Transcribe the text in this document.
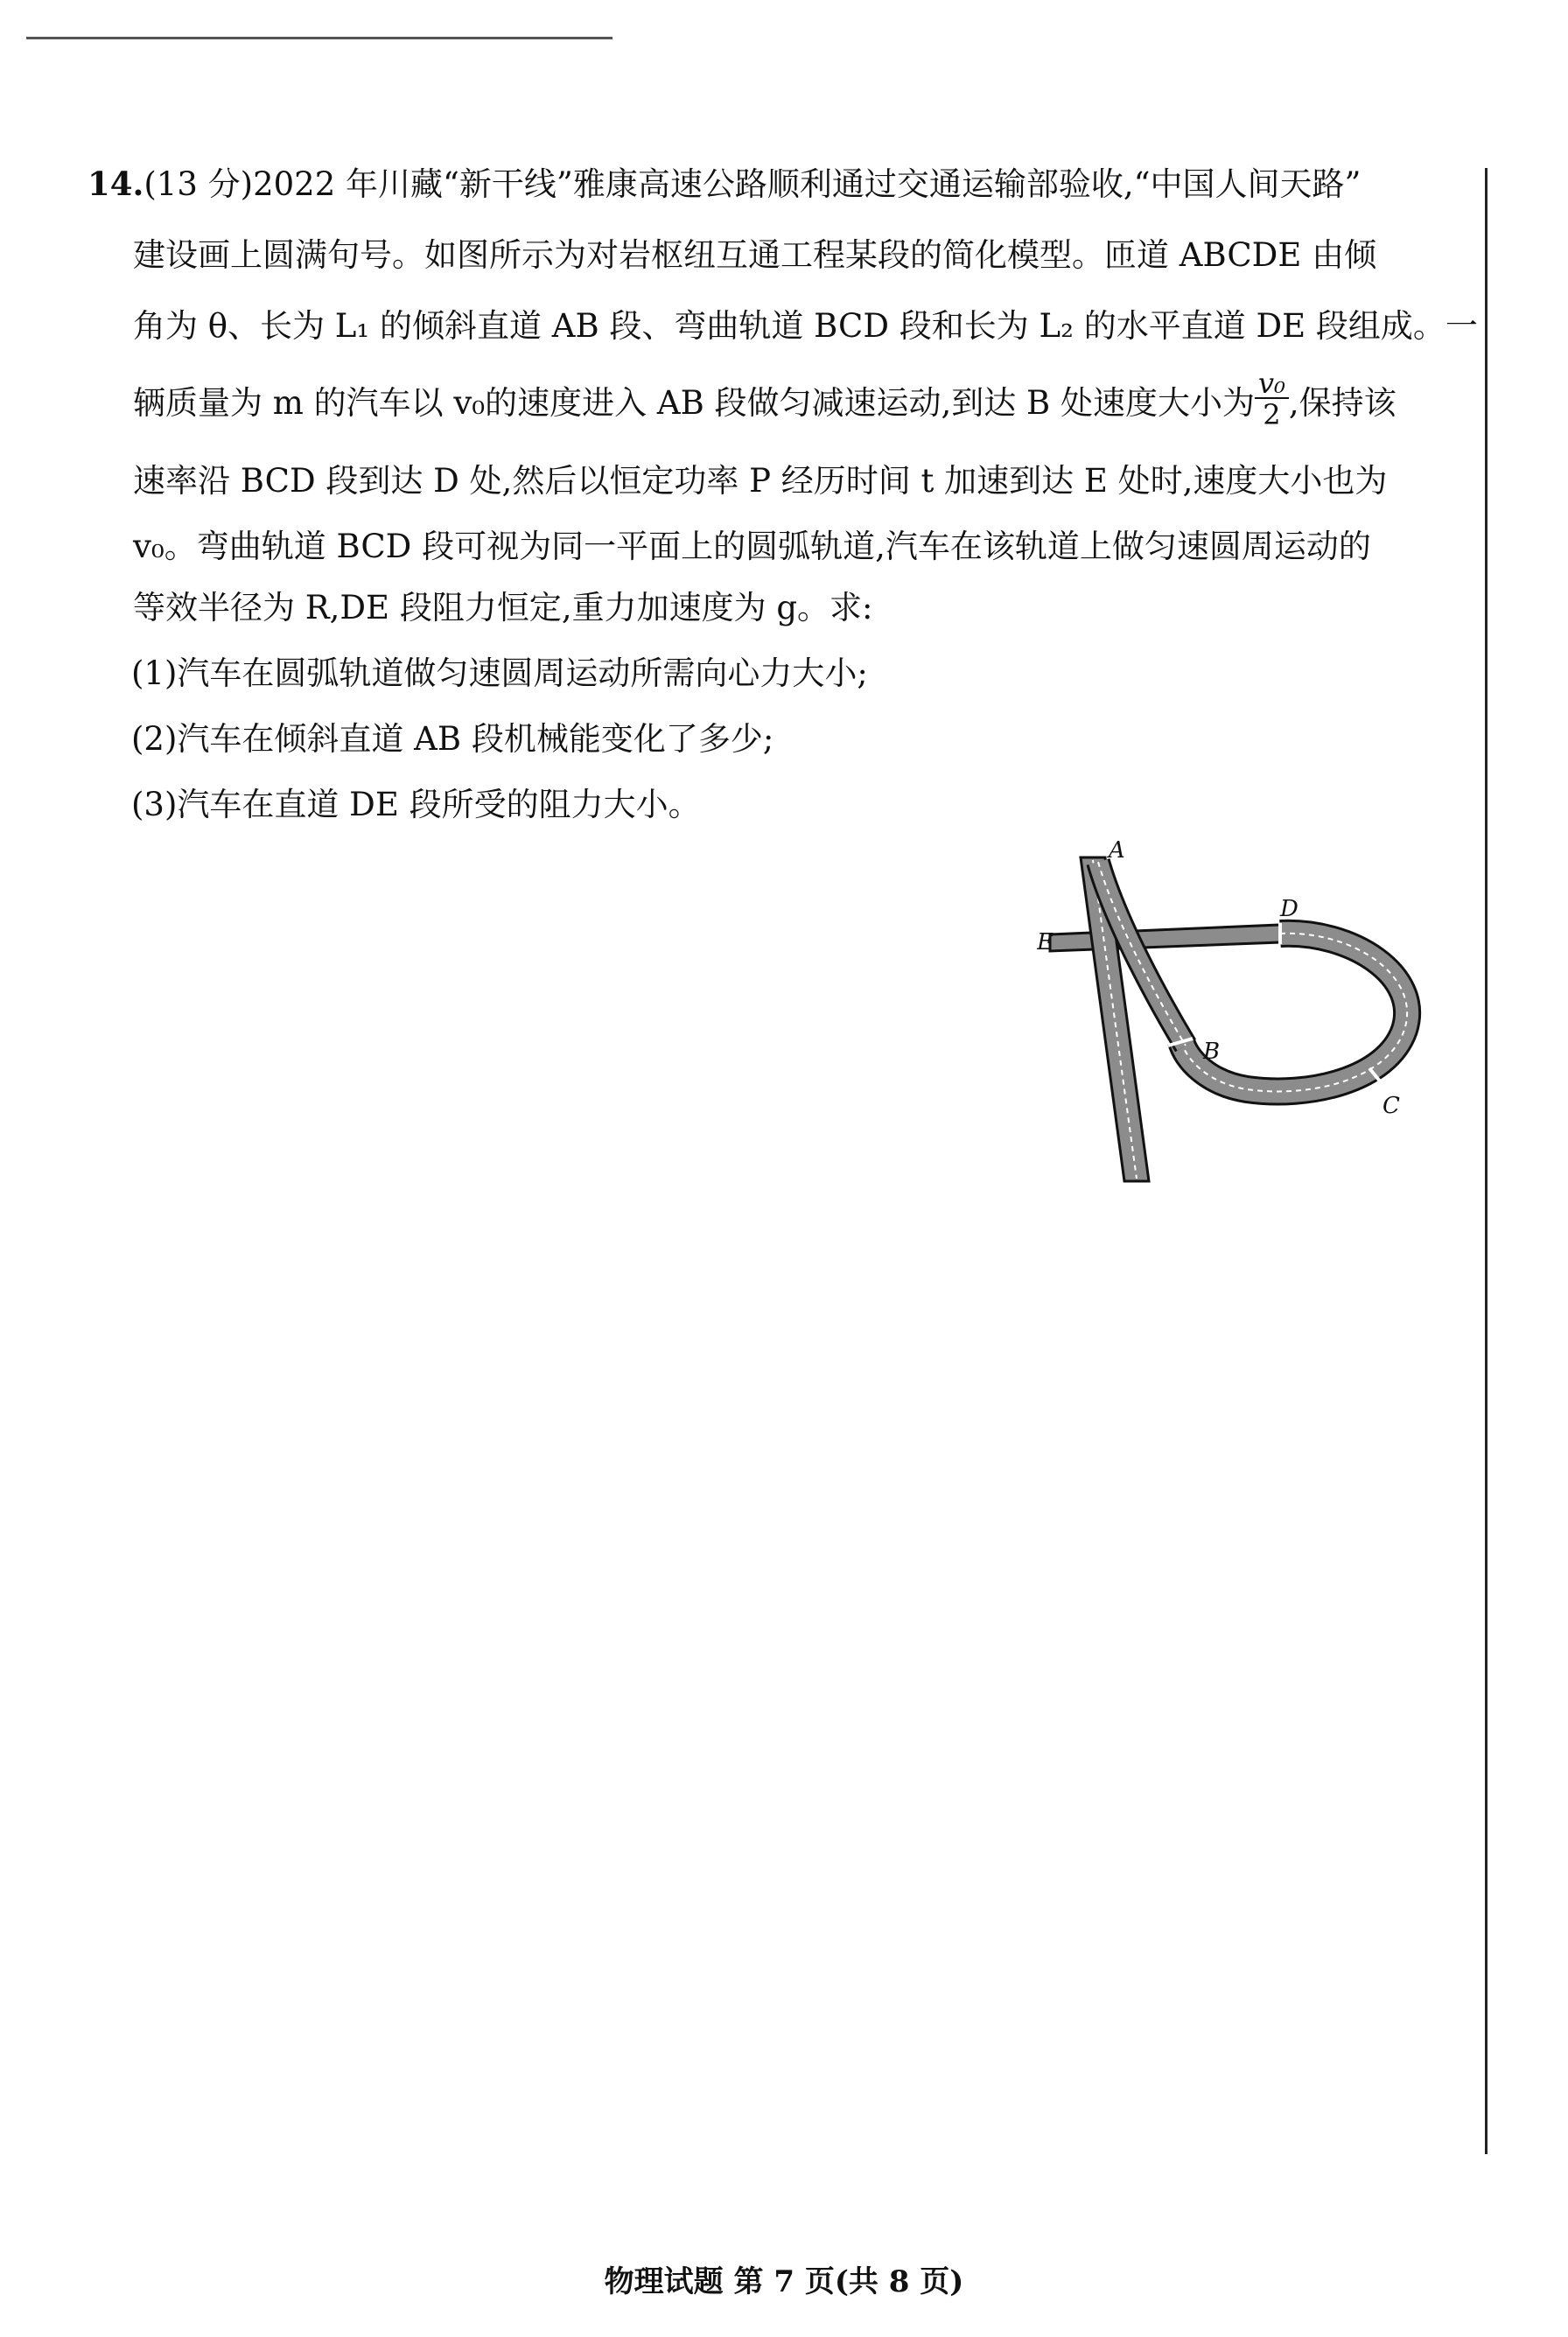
14.(13 分)2022 年川藏“新干线”雅康高速公路顺利通过交通运输部验收,“中国人间天路”
建设画上圆满句号。如图所示为对岩枢纽互通工程某段的简化模型。匝道 ABCDE 由倾
角为 θ、长为 L₁ 的倾斜直道 AB 段、弯曲轨道 BCD 段和长为 L₂ 的水平直道 DE 段组成。一
辆质量为 m 的汽车以 v₀的速度进入 AB 段做匀减速运动,到达 B 处速度大小为 $\frac{\text{v₀}}{2}$ ,保持该
速率沿 BCD 段到达 D 处,然后以恒定功率 P 经历时间 t 加速到达 E 处时,速度大小也为
v₀。弯曲轨道 BCD 段可视为同一平面上的圆弧轨道,汽车在该轨道上做匀速圆周运动的
等效半径为 R,DE 段阻力恒定,重力加速度为 g。求:
(1)汽车在圆弧轨道做匀速圆周运动所需向心力大小;
(2)汽车在倾斜直道 AB 段机械能变化了多少;
(3)汽车在直道 DE 段所受的阻力大小。
A
B
C
D
E
物理试题 第 7 页(共 8 页)
